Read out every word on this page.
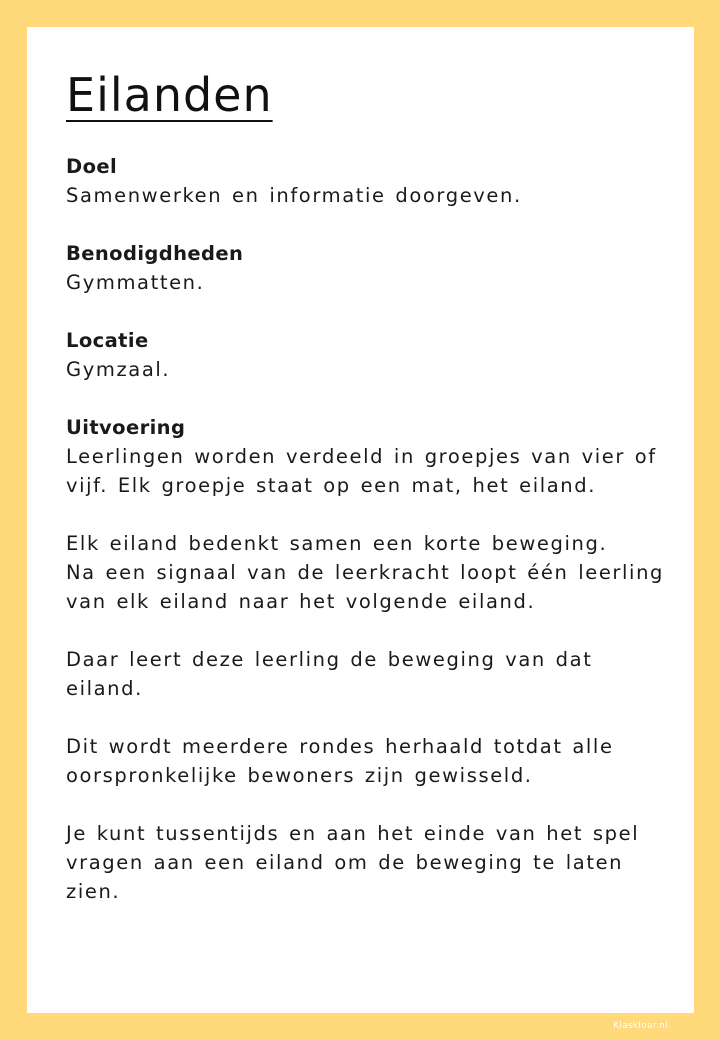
Eilanden
Doel
Samenwerken en informatie doorgeven.
Benodigdheden
Gymmatten.
Locatie
Gymzaal.
Uitvoering

Leerlingen worden verdeeld in groepjes van vier of
vijf. Elk groepje staat op een mat, het eiland.

Elk eiland bedenkt samen een korte beweging.
Na een signaal van de leerkracht loopt één leerling
van elk eiland naar het volgende eiland.

Daar leert deze leerling de beweging van dat
eiland.

Dit wordt meerdere rondes herhaald totdat alle
oorspronkelijke bewoners zijn gewisseld.

Je kunt tussentijds en aan het einde van het spel
vragen aan een eiland om de beweging te laten
zien.

Klaskloar.nl
